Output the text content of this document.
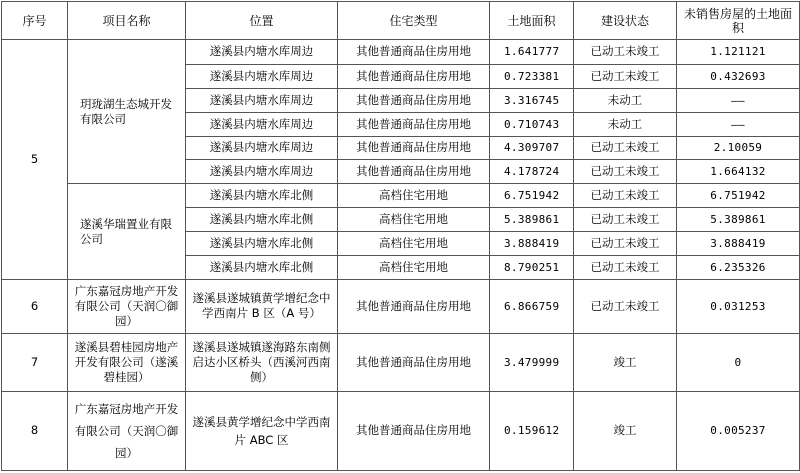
序号	项目名称	位置	住宅类型	土地面积	建设状态	未销售房屋的土地面积
5	玥珑湖生态城开发有限公司	遂溪县内塘水库周边	其他普通商品住房用地	1.641777	已动工未竣工	1.121121
		遂溪县内塘水库周边	其他普通商品住房用地	0.723381	已动工未竣工	0.432693
		遂溪县内塘水库周边	其他普通商品住房用地	3.316745	未动工	——
		遂溪县内塘水库周边	其他普通商品住房用地	0.710743	未动工	——
		遂溪县内塘水库周边	其他普通商品住房用地	4.309707	已动工未竣工	2.10059
		遂溪县内塘水库周边	其他普通商品住房用地	4.178724	已动工未竣工	1.664132
	遂溪华瑞置业有限公司	遂溪县内塘水库北侧	高档住宅用地	6.751942	已动工未竣工	6.751942
		遂溪县内塘水库北侧	高档住宅用地	5.389861	已动工未竣工	5.389861
		遂溪县内塘水库北侧	高档住宅用地	3.888419	已动工未竣工	3.888419
		遂溪县内塘水库北侧	高档住宅用地	8.790251	已动工未竣工	6.235326
6	广东嘉冠房地产开发有限公司（天润〇御园）	遂溪县遂城镇黄学增纪念中学西南片 B 区（A 号）	其他普通商品住房用地	6.866759	已动工未竣工	0.031253
7	遂溪县碧桂园房地产开发有限公司（遂溪碧桂园）	遂溪县遂城镇遂海路东南侧启达小区桥头（西溪河西南侧）	其他普通商品住房用地	3.479999	竣工	0
8	广东嘉冠房地产开发有限公司（天润〇御园）	遂溪县黄学增纪念中学西南片 ABC 区	其他普通商品住房用地	0.159612	竣工	0.005237
